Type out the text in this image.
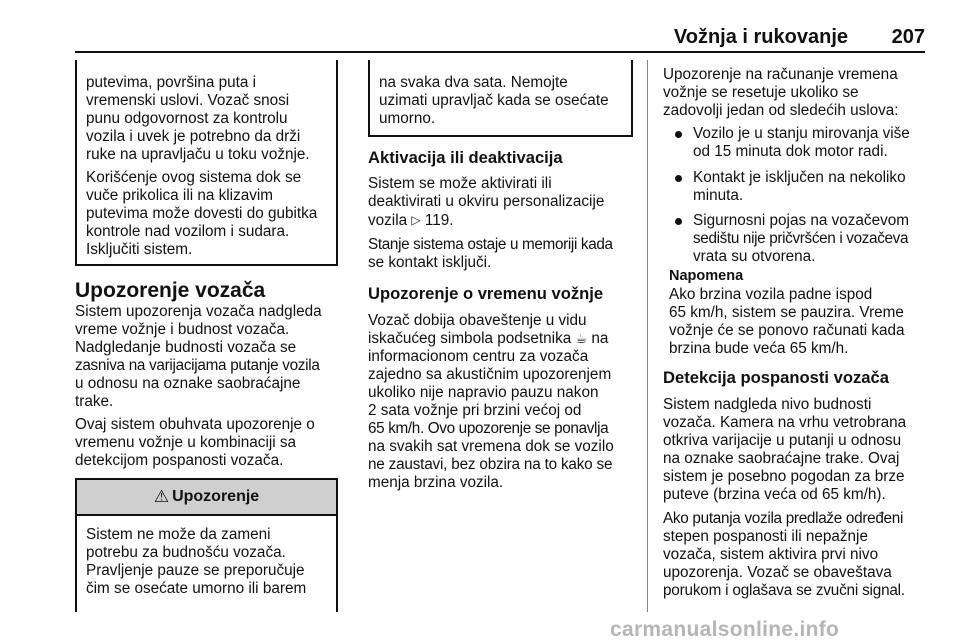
Vožnja i rukovanje	207

putevima, površina puta i

vremenski uslovi. Vozač snosi

punu odgovornost za kontrolu

vozila i uvek je potrebno da drži

ruke na upravljaču u toku vožnje.

Korišćenje ovog sistema dok se

vuče prikolica ili na klizavim

putevima može dovesti do gubitka

kontrole nad vozilom i sudara.

Isključiti sistem.

Upozorenje vozača

Sistem upozorenja vozača nadgleda

vreme vožnje i budnost vozača.

Nadgledanje budnosti vozača se

zasniva na varijacijama putanje vozila

u odnosu na oznake saobraćajne

trake.

Ovaj sistem obuhvata upozorenje o

vremenu vožnje u kombinaciji sa

detekcijom pospanosti vozača.

⚠ Upozorenje

Sistem ne može da zameni

potrebu za budnošću vozača.

Pravljenje pauze se preporučuje

čim se osećate umorno ili barem

na svaka dva sata. Nemojte

uzimati upravljač kada se osećate

umorno.

Aktivacija ili deaktivacija

Sistem se može aktivirati ili

deaktivirati u okviru personalizacije

vozila ▷ 119.

Stanje sistema ostaje u memoriji kada

se kontakt isključi.

Upozorenje o vremenu vožnje

Vozač dobija obaveštenje u vidu

iskačućeg simbola podsetnika ☕ na

informacionom centru za vozača

zajedno sa akustičnim upozorenjem

ukoliko nije napravio pauzu nakon

2 sata vožnje pri brzini većoj od

65 km/h. Ovo upozorenje se ponavlja

na svakih sat vremena dok se vozilo

ne zaustavi, bez obzira na to kako se

menja brzina vozila.

Upozorenje na računanje vremena

vožnje se resetuje ukoliko se

zadovolji jedan od sledećih uslova:

Vozilo je u stanju mirovanja više

od 15 minuta dok motor radi.

Kontakt je isključen na nekoliko

minuta.

Sigurnosni pojas na vozačevom

sedištu nije pričvršćen i vozačeva

vrata su otvorena.

Napomena

Ako brzina vozila padne ispod

65 km/h, sistem se pauzira. Vreme

vožnje će se ponovo računati kada

brzina bude veća 65 km/h.

Detekcija pospanosti vozača

Sistem nadgleda nivo budnosti

vozača. Kamera na vrhu vetrobrana

otkriva varijacije u putanji u odnosu

na oznake saobraćajne trake. Ovaj

sistem je posebno pogodan za brze

puteve (brzina veća od 65 km/h).

Ako putanja vozila predlaže određeni

stepen pospanosti ili nepažnje

vozača, sistem aktivira prvi nivo

upozorenja. Vozač se obaveštava

porukom i oglašava se zvučni signal.

carmanualsonline.info
